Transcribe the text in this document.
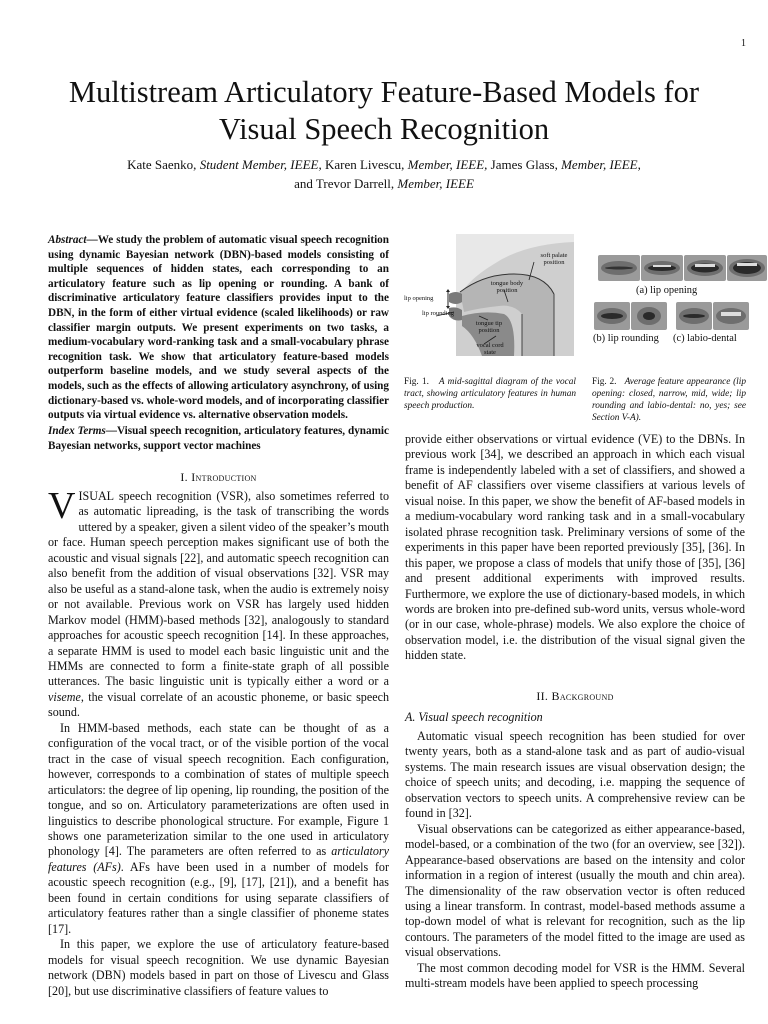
1
Multistream Articulatory Feature-Based Models for
Visual Speech Recognition
Kate Saenko, Student Member, IEEE, Karen Livescu, Member, IEEE, James Glass, Member, IEEE,
and Trevor Darrell, Member, IEEE
Abstract—We study the problem of automatic visual speech recognition using dynamic Bayesian network (DBN)-based models consisting of multiple sequences of hidden states, each corresponding to an articulatory feature such as lip opening or rounding. A bank of discriminative articulatory feature classifiers provides input to the DBN, in the form of either virtual evidence (scaled likelihoods) or raw classifier margin outputs. We present experiments on two tasks, a medium-vocabulary word-ranking task and a small-vocabulary phrase recognition task. We show that articulatory feature-based models outperform baseline models, and we study several aspects of the models, such as the effects of allowing articulatory asynchrony, of using dictionary-based vs. whole-word models, and of incorporating classifier outputs via virtual evidence vs. alternative observation models.
Index Terms—Visual speech recognition, articulatory features, dynamic Bayesian networks, support vector machines
I. Introduction

VISUAL speech recognition (VSR), also sometimes referred to as automatic lipreading, is the task of transcribing the words uttered by a speaker, given a silent video of the speaker’s mouth or face. Human speech perception makes significant use of both the acoustic and visual signals [22], and automatic speech recognition can also benefit from the addition of visual observations [32]. VSR may also be useful as a stand-alone task, when the audio is extremely noisy or not available. Previous work on VSR has largely used hidden Markov model (HMM)-based methods [32], analogously to standard approaches for acoustic speech recognition [14]. In these approaches, a separate HMM is used to model each basic linguistic unit and the HMMs are connected to form a finite-state graph of all possible utterances. The basic linguistic unit is typically either a word or a viseme, the visual correlate of an acoustic phoneme, or basic speech sound.

In HMM-based methods, each state can be thought of as a configuration of the vocal tract, or of the visible portion of the vocal tract in the case of visual speech recognition. Each configuration, however, corresponds to a combination of states of multiple speech articulators: the degree of lip opening, lip rounding, the position of the tongue, and so on. Articulatory parameterizations are often used in linguistics to describe phonological structure. For example, Figure 1 shows one parameterization similar to the one used in articulatory phonology [4]. The parameters are often referred to as articulatory features (AFs). AFs have been used in a number of models for acoustic speech recognition (e.g., [9], [17], [21]), and a benefit has been found in certain conditions for using separate classifiers of articulatory features rather than a single classifier of phoneme states [17].

In this paper, we explore the use of articulatory feature-based models for visual speech recognition. We use dynamic Bayesian network (DBN) models based in part on those of Livescu and Glass [20], but use discriminative classifiers of feature values to

soft palate position
tongue body position
lip opening
lip rounding
tongue tip position
vocal cord state
Fig. 1. A mid-sagittal diagram of the vocal tract, showing articulatory features in human speech production.
(a) lip opening
(b) lip rounding (c) labio-dental
Fig. 2. Average feature appearance (lip opening: closed, narrow, mid, wide; lip rounding and labio-dental: no, yes; see Section V-A).

provide either observations or virtual evidence (VE) to the DBNs. In previous work [34], we described an approach in which each visual frame is independently labeled with a set of classifiers, and showed a benefit of AF classifiers over viseme classifiers at various levels of visual noise. In this paper, we show the benefit of AF-based models in a medium-vocabulary word ranking task and in a small-vocabulary isolated phrase recognition task. Preliminary versions of some of the experiments in this paper have been reported previously [35], [36]. In this paper, we propose a class of models that unify those of [35], [36] and present additional experiments with improved results. Furthermore, we explore the use of dictionary-based models, in which words are broken into pre-defined sub-word units, versus whole-word (or in our case, whole-phrase) models. We also explore the choice of observation model, i.e. the distribution of the visual signal given the hidden state.

II. Background
A. Visual speech recognition

Automatic visual speech recognition has been studied for over twenty years, both as a stand-alone task and as part of audio-visual systems. The main research issues are visual observation design; the choice of speech units; and decoding, i.e. mapping the sequence of observation vectors to speech units. A comprehensive review can be found in [32].

Visual observations can be categorized as either appearance-based, model-based, or a combination of the two (for an overview, see [32]). Appearance-based observations are based on the intensity and color information in a region of interest (usually the mouth and chin area). The dimensionality of the raw observation vector is often reduced using a linear transform. In contrast, model-based methods assume a top-down model of what is relevant for recognition, such as the lip contours. The parameters of the model fitted to the image are used as visual observations.

The most common decoding model for VSR is the HMM. Several multi-stream models have been applied to speech processing
